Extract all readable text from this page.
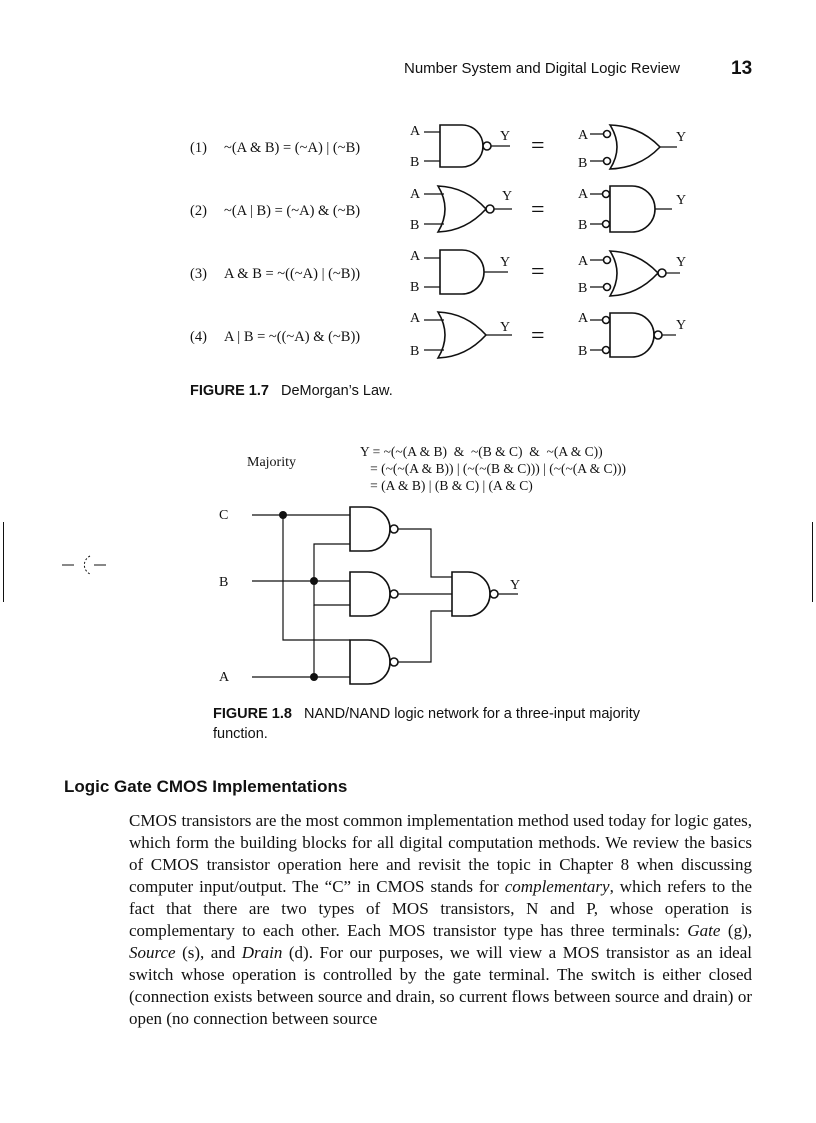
Number System and Digital Logic Review	13
(1) ~(A & B) = (~A) | (~B)
(2) ~(A | B) = (~A) & (~B)
(3) A & B = ~((~A) | (~B))
(4) A | B = ~((~A) & (~B))
A
B
Y = A
B
Y
A
B
Y
=
A
B
Y
A
B
Y = A
B
Y
A
B
Y =
A
B
Y
C
B
A
Y
FIGURE 1.7 DeMorgan’s Law.
Majority
Y = ~(~(A & B)  &  ~(B & C)  &  ~(A & C))
= (~(~(A & B)) | (~(~(B & C))) | (~(~(A & C)))
= (A & B) | (B & C) | (A & C)
FIGURE 1.8 NAND/NAND logic network for a three-input majority function.
Logic Gate CMOS Implementations
CMOS transistors are the most common implementation method used today for logic gates, which form the building blocks for all digital computation methods. We review the basics of CMOS transistor operation here and revisit the topic in Chapter 8 when discussing computer input/output. The “C” in CMOS stands for complementary, which refers to the fact that there are two types of MOS transistors, N and P, whose operation is complementary to each other. Each MOS transistor type has three terminals: Gate (g), Source (s), and Drain (d). For our purposes, we will view a MOS transistor as an ideal switch whose operation is controlled by the gate terminal. The switch is either closed (connection exists between source and drain, so current flows between source and drain) or open (no connection between source
